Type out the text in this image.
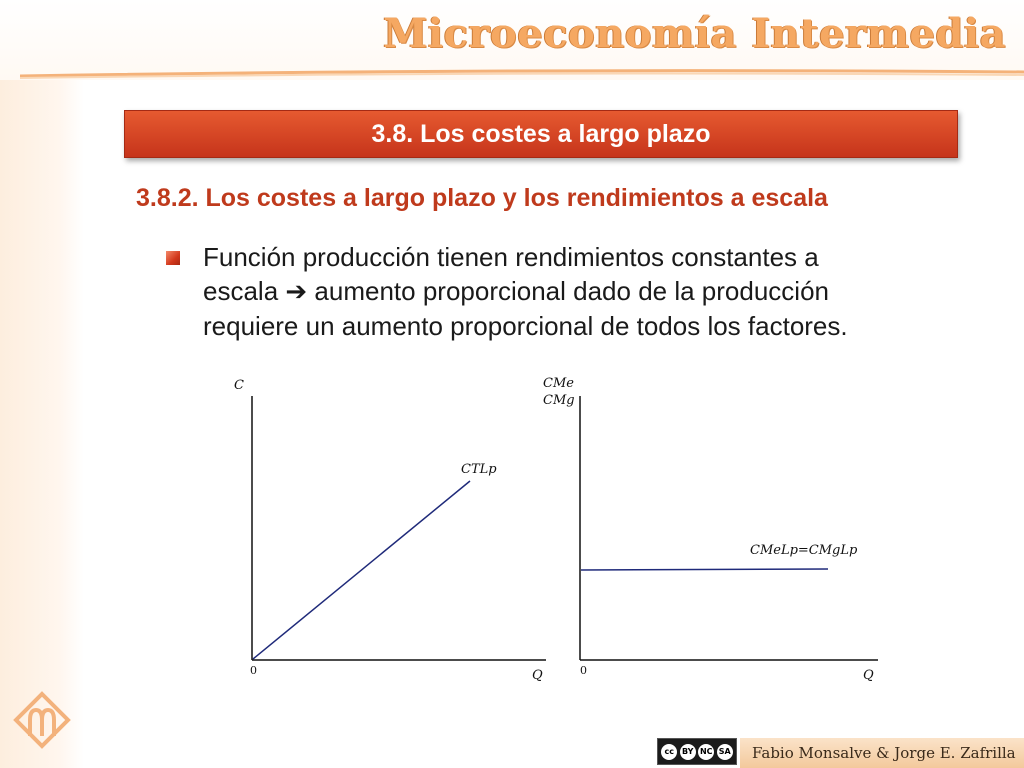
Microeconomía Intermedia
3.8. Los costes a largo plazo
3.8.2. Los costes a largo plazo y los rendimientos a escala
Función producción tienen rendimientos constantes a
escala ➔ aumento proporcional dado de la producción
requiere un aumento proporcional de todos los factores.
C
Q
0
CTLp
CMe
CMg
Q
0
CMeLp=CMgLp
cc	BY NC SA Fabio Monsalve & Jorge E. Zafrilla
